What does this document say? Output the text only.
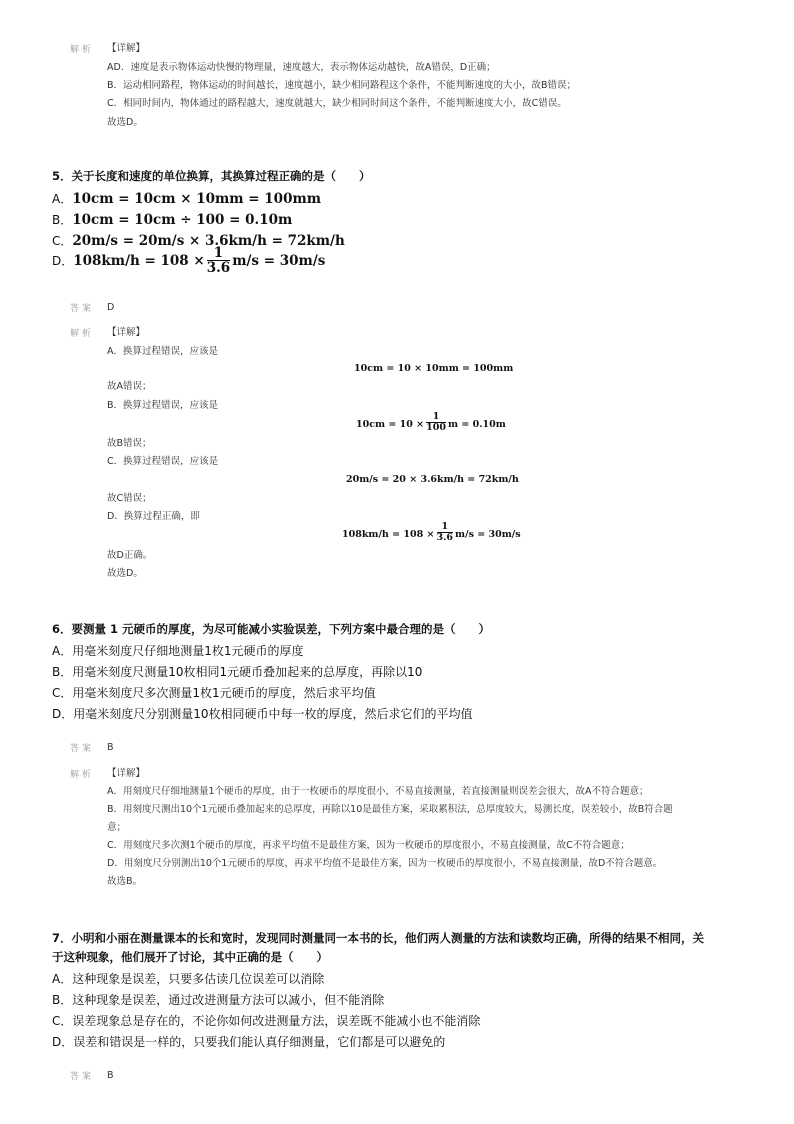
解析 【详解】
AD．速度是表示物体运动快慢的物理量，速度越大，表示物体运动越快，故A错误，D正确；
B．运动相同路程，物体运动的时间越长，速度越小，缺少相同路程这个条件，不能判断速度的大小，故B错误；
C．相同时间内，物体通过的路程越大，速度就越大，缺少相同时间这个条件，不能判断速度大小，故C错误。
故选D。
5．关于长度和速度的单位换算，其换算过程正确的是（　　）
A．10cm = 10cm × 10mm = 100mm
B．10cm = 10cm ÷ 100 = 0.10m
C．20m/s = 20m/s × 3.6km/h = 72km/h
D．$108km/h = 108 \times \frac{1}{3.6} m/s = 30m/s$
答案 D
解析 【详解】
A．换算过程错误，应该是
10cm = 10 × 10mm = 100mm
故A错误；
B．换算过程错误，应该是
$10cm = 10 \times \frac{1}{100}$ m = 0.10m
故B错误；
C．换算过程错误，应该是
20m/s = 20 × 3.6km/h = 72km/h
故C错误；
D．换算过程正确，即
$108km/h = 108 \times \frac{1}{3.6} m/s = 30m/s$
故D正确。
故选D。
6．要测量 1 元硬币的厚度，为尽可能减小实验误差，下列方案中最合理的是（　　）
A．用毫米刻度尺仔细地测量1枚1元硬币的厚度
B．用毫米刻度尺测量10枚相同1元硬币叠加起来的总厚度，再除以10
C．用毫米刻度尺多次测量1枚1元硬币的厚度，然后求平均值
D．用毫米刻度尺分别测量10枚相同硬币中每一枚的厚度，然后求它们的平均值
答案 B
解析 【详解】
A．用刻度尺仔细地测量1个硬币的厚度，由于一枚硬币的厚度很小，不易直接测量，若直接测量则误差会很大，故A不符合题意；
B．用刻度尺测出10个1元硬币叠加起来的总厚度，再除以10是最佳方案，采取累积法，总厚度较大，易测长度，误差较小，故B符合题
意；
C．用刻度尺多次测1个硬币的厚度，再求平均值不是最佳方案，因为一枚硬币的厚度很小，不易直接测量，故C不符合题意；
D．用刻度尺分别测出10个1元硬币的厚度，再求平均值不是最佳方案，因为一枚硬币的厚度很小，不易直接测量，故D不符合题意。
故选B。
7．小明和小丽在测量课本的长和宽时，发现同时测量同一本书的长，他们两人测量的方法和读数均正确，所得的结果不相同，关
于这种现象，他们展开了讨论，其中正确的是（　　）
A．这种现象是误差，只要多估读几位误差可以消除
B．这种现象是误差，通过改进测量方法可以减小，但不能消除
C．误差现象总是存在的，不论你如何改进测量方法，误差既不能减小也不能消除
D．误差和错误是一样的，只要我们能认真仔细测量，它们都是可以避免的
答案 B
